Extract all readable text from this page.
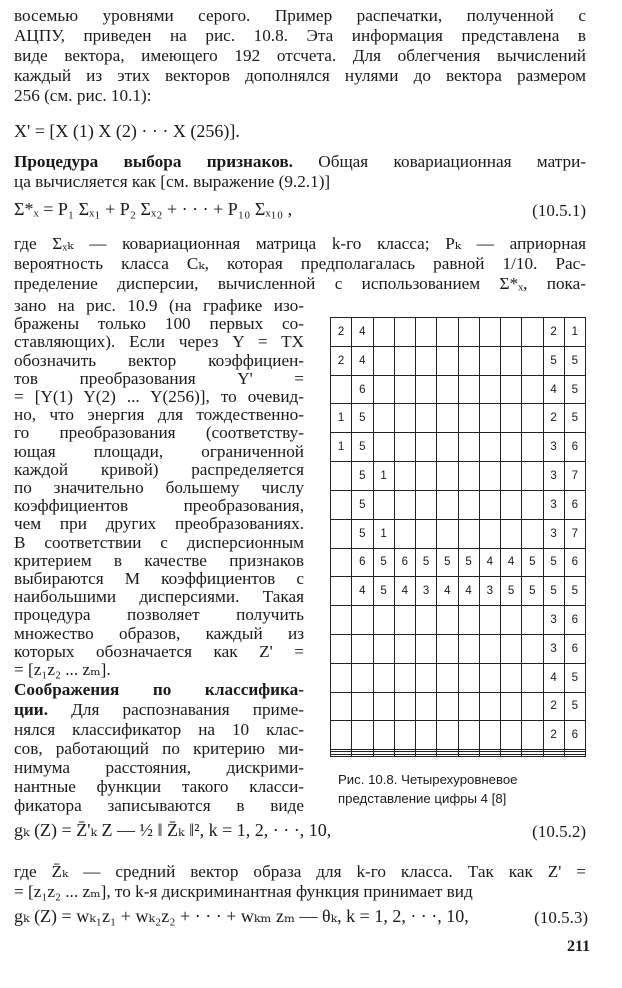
восемью уровнями серого. Пример распечатки, полученной с
АЦПУ, приведен на рис. 10.8. Эта информация представлена в
виде вектора, имеющего 192 отсчета. Для облегчения вычислений
каждый из этих векторов дополнялся нулями до вектора размером
256 (см. рис. 10.1):
X' = [X (1) X (2) · · · X (256)].
Процедура выбора признаков. Общая ковариационная матри-
ца вычисляется как [см. выражение (9.2.1)]
Σ*ₓ = P₁ Σₓ₁ + P₂ Σₓ₂ + · · · + P₁₀ Σₓ₁₀ ,	(10.5.1)
где Σₓₖ — ковариационная матрица k-го класса; Pₖ — априорная
вероятность класса Cₖ, которая предполагалась равной 1/10. Рас-
пределение дисперсии, вычисленной с использованием Σ*ₓ, пока-
зано на рис. 10.9 (на графике изо-
бражены только 100 первых со-
ставляющих). Если через Y = TX
обозначить вектор коэффициен-
тов преобразования Y' =
= [Y(1) Y(2) ... Y(256)], то очевид-
но, что энергия для тождественно-
го преобразования (соответству-
ющая площади, ограниченной
каждой кривой) распределяется
по значительно большему числу
коэффициентов преобразования,
чем при других преобразованиях.
В соответствии с дисперсионным
критерием в качестве признаков
выбираются M коэффициентов с
наибольшими дисперсиями. Такая
процедура позволяет получить
множество образов, каждый из
которых обозначается как Z' =
= [z₁z₂ ... zₘ].
Соображения по классифика-
ции. Для распознавания приме-
нялся классификатор на 10 клас-
сов, работающий по критерию ми-
нимума расстояния, дискрими-
нантные функции такого класси-
фикатора записываются в виде
2	4									2	1
2	4									5	5
	6									4	5
1	5									2	5
1	5									3	6
	5	1								3	7
	5									3	6
	5	1								3	7
	6	5	6	5	5	5	4	4	5	5	6
	4	5	4	3	4	4	3	5	5	5	5
										3	6
										3	6
										4	5
										2	5
										2	6

Рис. 10.8. Четырехуровневое представление цифры 4 [8]
gₖ (Z) = Z̄'ₖ Z — ½ ‖ Z̄ₖ ‖², k = 1, 2, · · ·, 10,	(10.5.2)
где Z̄ₖ — средний вектор образа для k-го класса. Так как Z' =
= [z₁z₂ ... zₘ], то k-я дискриминантная функция принимает вид
gₖ (Z) = wₖ₁z₁ + wₖ₂z₂ + · · · + wₖₘ zₘ — θₖ, k = 1, 2, · · ·, 10,	(10.5.3)
211
